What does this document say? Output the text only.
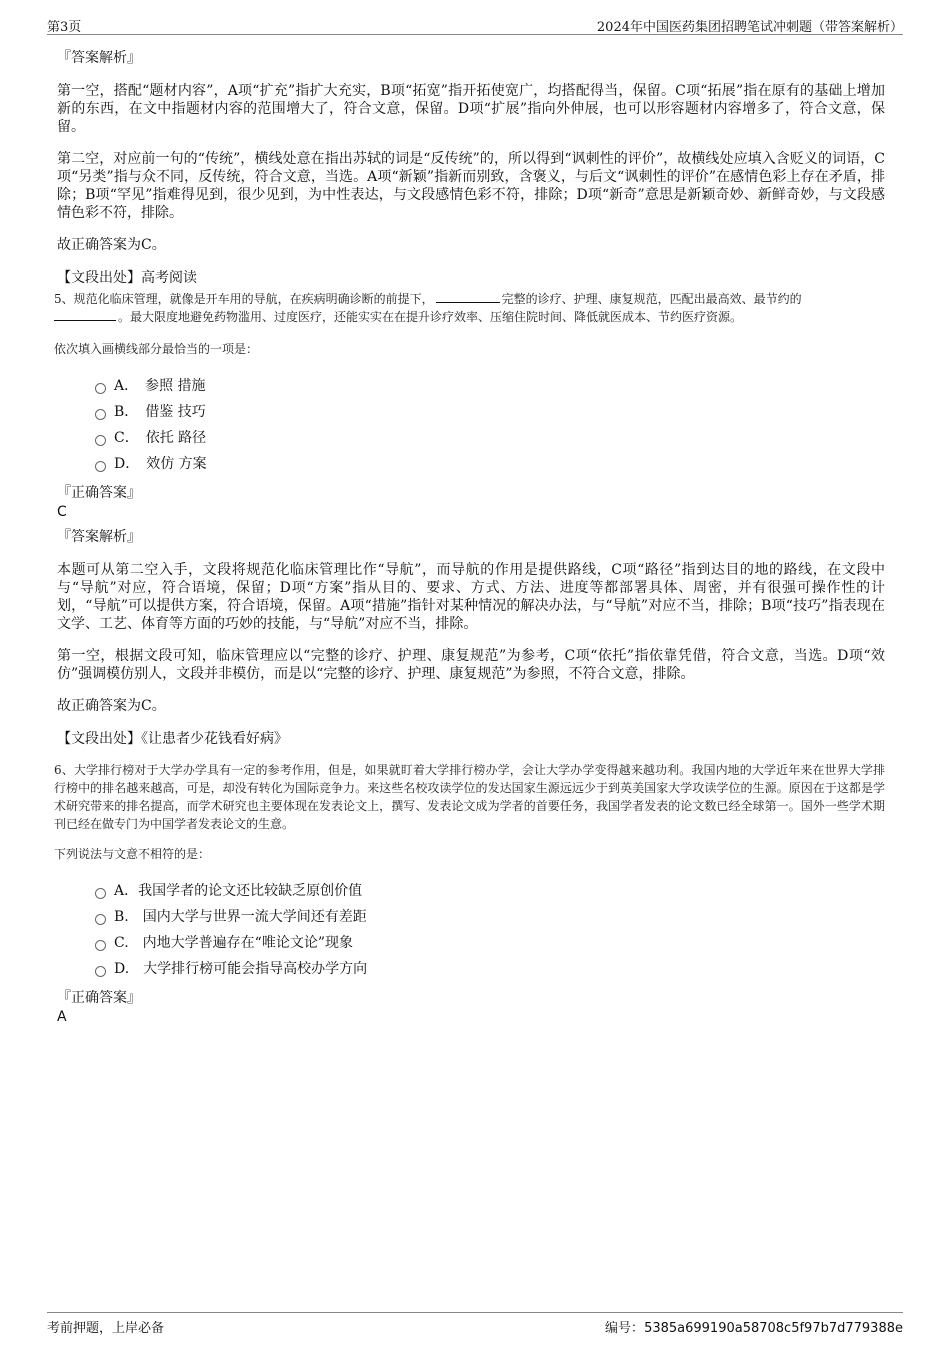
第3页	2024年中国医药集团招聘笔试冲刺题（带答案解析）
『答案解析』

第一空，搭配“题材内容”，A项“扩充”指扩大充实，B项“拓宽”指开拓使宽广，均搭配得当，保留。C项“拓展”指在原有的基础上增加新的东西，在文中指题材内容的范围增大了，符合文意，保留。D项“扩展”指向外伸展，也可以形容题材内容增多了，符合文意，保留。

第二空，对应前一句的“传统”，横线处意在指出苏轼的词是“反传统”的，所以得到“讽刺性的评价”，故横线处应填入含贬义的词语，C项“另类”指与众不同，反传统，符合文意，当选。A项“新颖”指新而别致，含褒义，与后文“讽刺性的评价”在感情色彩上存在矛盾，排除；B项“罕见”指难得见到，很少见到，为中性表达，与文段感情色彩不符，排除；D项“新奇”意思是新颖奇妙、新鲜奇妙，与文段感情色彩不符，排除。

故正确答案为C。

【文段出处】高考阅读

5、规范化临床管理，就像是开车用的导航，在疾病明确诊断的前提下，	完整的诊疗、护理、康复规范，匹配出最高效、最节约的
。最大限度地避免药物滥用、过度医疗，还能实实在在提升诊疗效率、压缩住院时间、降低就医成本、节约医疗资源。

依次填入画横线部分最恰当的一项是：
A．　参照 措施
B．　借鉴 技巧
C．　依托 路径
D．　效仿 方案
『正确答案』
C
『答案解析』

本题可从第二空入手，文段将规范化临床管理比作“导航”，而导航的作用是提供路线，C项“路径”指到达目的地的路线，在文段中与“导航”对应，符合语境，保留；D项“方案”指从目的、要求、方式、方法、进度等都部署具体、周密，并有很强可操作性的计划，“导航”可以提供方案，符合语境，保留。A项“措施”指针对某种情况的解决办法，与“导航”对应不当，排除；B项“技巧”指表现在文学、工艺、体育等方面的巧妙的技能，与“导航”对应不当，排除。

第一空，根据文段可知，临床管理应以“完整的诊疗、护理、康复规范”为参考，C项“依托”指依靠凭借，符合文意，当选。D项“效仿”强调模仿别人，文段并非模仿，而是以“完整的诊疗、护理、康复规范”为参照，不符合文意，排除。

故正确答案为C。

【文段出处】《让患者少花钱看好病》

6、大学排行榜对于大学办学具有一定的参考作用，但是，如果就盯着大学排行榜办学，会让大学办学变得越来越功利。我国内地的大学近年来在世界大学排行榜中的排名越来越高，可是，却没有转化为国际竞争力。来这些名校攻读学位的发达国家生源远远少于到英美国家大学攻读学位的生源。原因在于这都是学术研究带来的排名提高，而学术研究也主要体现在发表论文上，撰写、发表论文成为学者的首要任务，我国学者发表的论文数已经全球第一。国外一些学术期刊已经在做专门为中国学者发表论文的生意。

下列说法与文意不相符的是：
A．我国学者的论文还比较缺乏原创价值
B.　国内大学与世界一流大学间还有差距
C.　内地大学普遍存在“唯论文论”现象
D.　大学排行榜可能会指导高校办学方向
『正确答案』
A
考前押题，上岸必备	编号：5385a699190a58708c5f97b7d779388e
